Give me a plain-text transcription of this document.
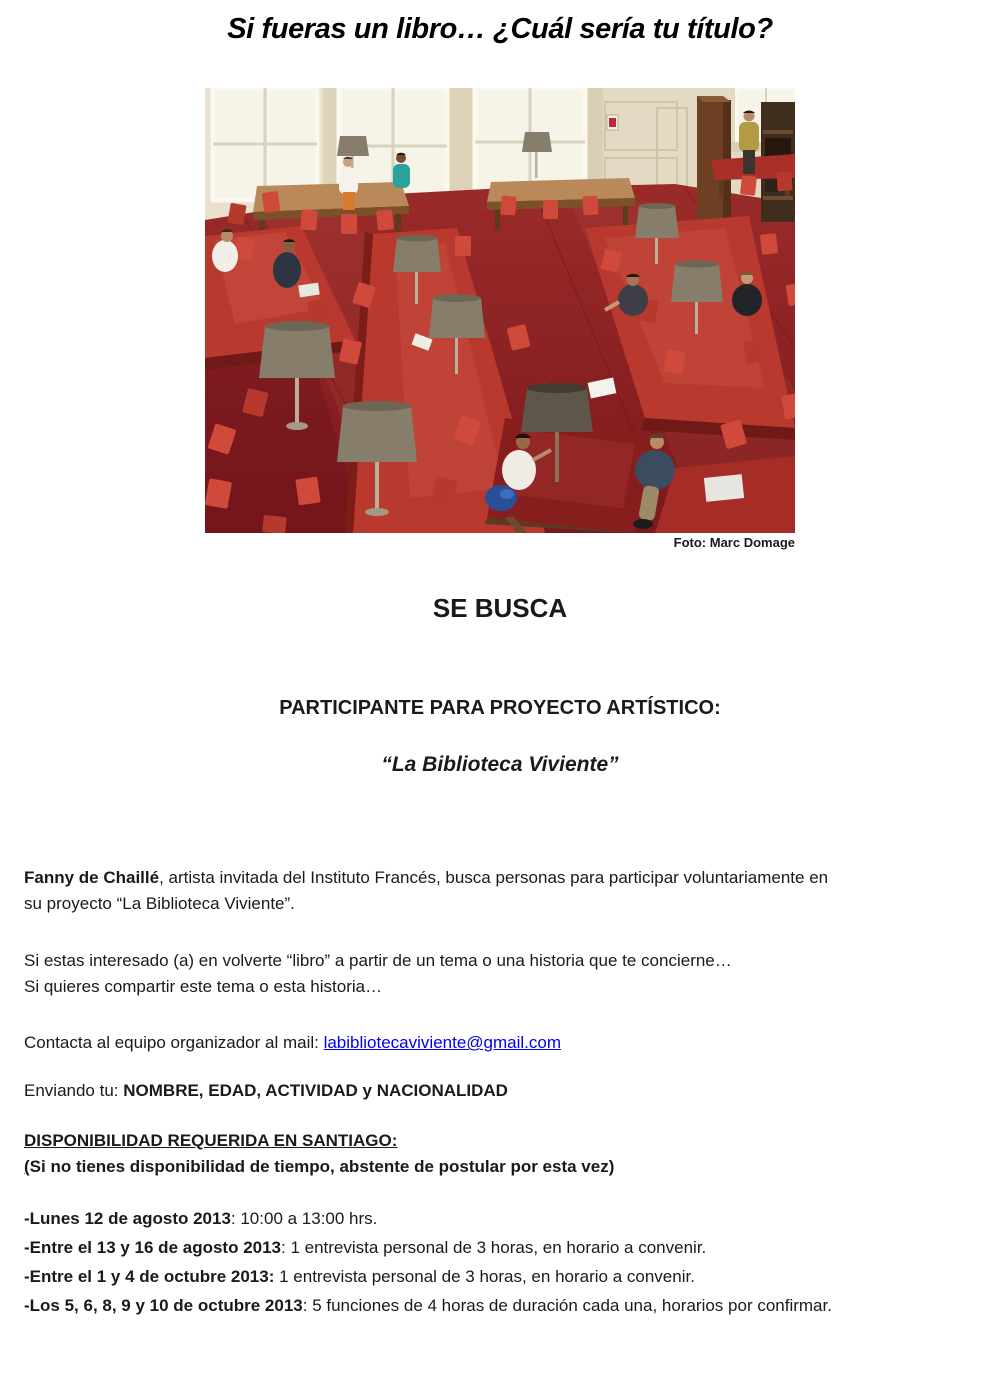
Si fueras un libro… ¿Cuál sería tu título?
Foto: Marc Domage
SE BUSCA
PARTICIPANTE PARA PROYECTO ARTÍSTICO:
“La Biblioteca Viviente”

Fanny de Chaillé, artista invitada del Instituto Francés, busca personas para participar voluntariamente en
su proyecto “La Biblioteca Viviente”.

Si estas interesado (a) en volverte “libro” a partir de un tema o una historia que te concierne…
Si quieres compartir este tema o esta historia…

Contacta al equipo organizador al mail: labibliotecaviviente@gmail.com

Enviando tu: NOMBRE, EDAD, ACTIVIDAD y NACIONALIDAD

DISPONIBILIDAD REQUERIDA EN SANTIAGO:
(Si no tienes disponibilidad de tiempo, abstente de postular por esta vez)

-Lunes 12 de agosto 2013: 10:00 a 13:00 hrs.

-Entre el 13 y 16 de agosto 2013: 1 entrevista personal de 3 horas, en horario a convenir.

-Entre el 1 y 4 de octubre 2013: 1 entrevista personal de 3 horas, en horario a convenir.

-Los 5, 6, 8, 9 y 10 de octubre 2013: 5 funciones de 4 horas de duración cada una, horarios por confirmar.
